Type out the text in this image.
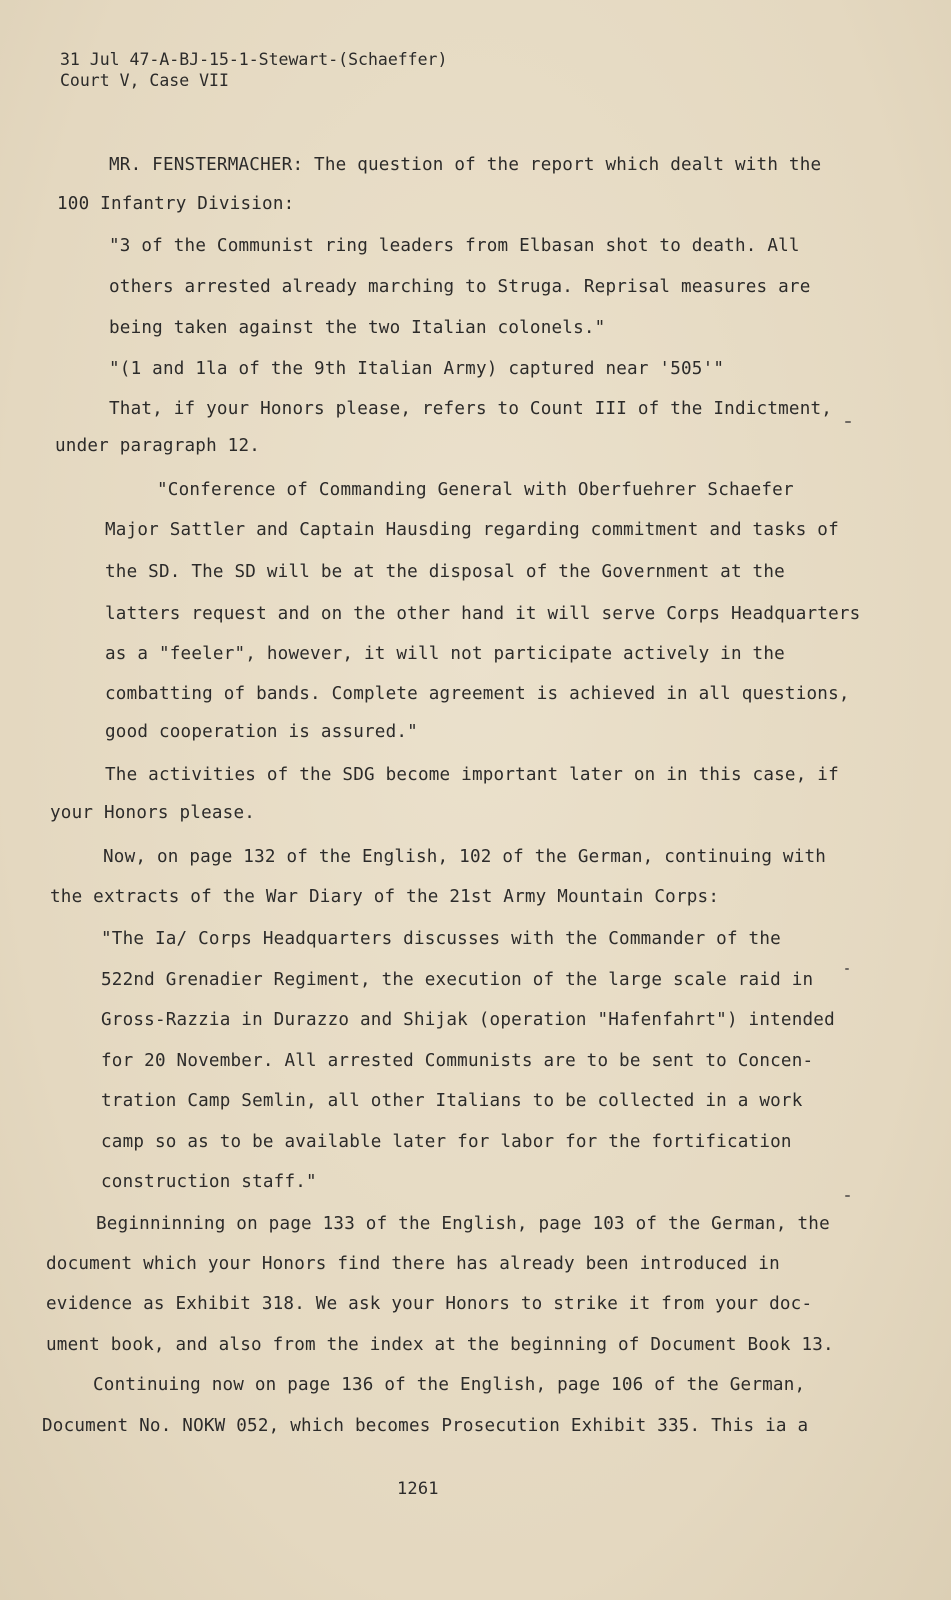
31 Jul 47-A-BJ-15-1-Stewart-(Schaeffer)
Court V, Case VII
MR. FENSTERMACHER: The question of the report which dealt with the
100 Infantry Division:
"3 of the Communist ring leaders from Elbasan shot to death. All
others arrested already marching to Struga. Reprisal measures are
being taken against the two Italian colonels."
"(1 and 1la of the 9th Italian Army) captured near '505'"
That, if your Honors please, refers to Count III of the Indictment,
under paragraph 12.
"Conference of Commanding General with Oberfuehrer Schaefer
Major Sattler and Captain Hausding regarding commitment and tasks of
the SD. The SD will be at the disposal of the Government at the
latters request and on the other hand it will serve Corps Headquarters
as a "feeler", however, it will not participate actively in the
combatting of bands. Complete agreement is achieved in all questions,
good cooperation is assured."
The activities of the SDG become important later on in this case, if
your Honors please.
Now, on page 132 of the English, 102 of the German, continuing with
the extracts of the War Diary of the 21st Army Mountain Corps:
"The Ia/ Corps Headquarters discusses with the Commander of the
522nd Grenadier Regiment, the execution of the large scale raid in
Gross-Razzia in Durazzo and Shijak (operation "Hafenfahrt") intended
for 20 November. All arrested Communists are to be sent to Concen-
tration Camp Semlin, all other Italians to be collected in a work
camp so as to be available later for labor for the fortification
construction staff."
Beginninning on page 133 of the English, page 103 of the German, the
document which your Honors find there has already been introduced in
evidence as Exhibit 318. We ask your Honors to strike it from your doc-
ument book, and also from the index at the beginning of Document Book 13.
Continuing now on page 136 of the English, page 106 of the German,
Document No. NOKW 052, which becomes Prosecution Exhibit 335. This ia a
1261
